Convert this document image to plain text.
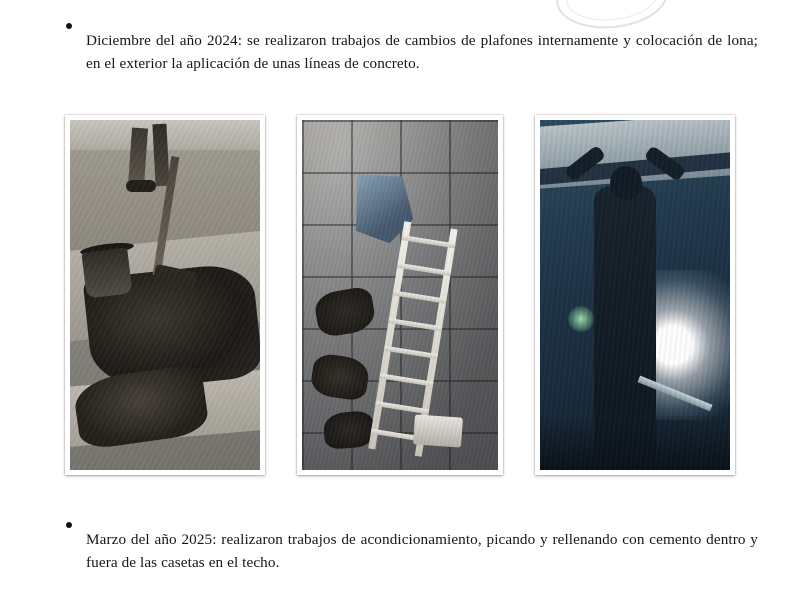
Diciembre del año 2024: se realizaron trabajos de cambios de plafones internamente y colocación de lona; en el exterior la aplicación de unas líneas de concreto.

Marzo del año 2025: realizaron trabajos de acondicionamiento, picando y rellenando con cemento dentro y fuera de las casetas en el techo.
